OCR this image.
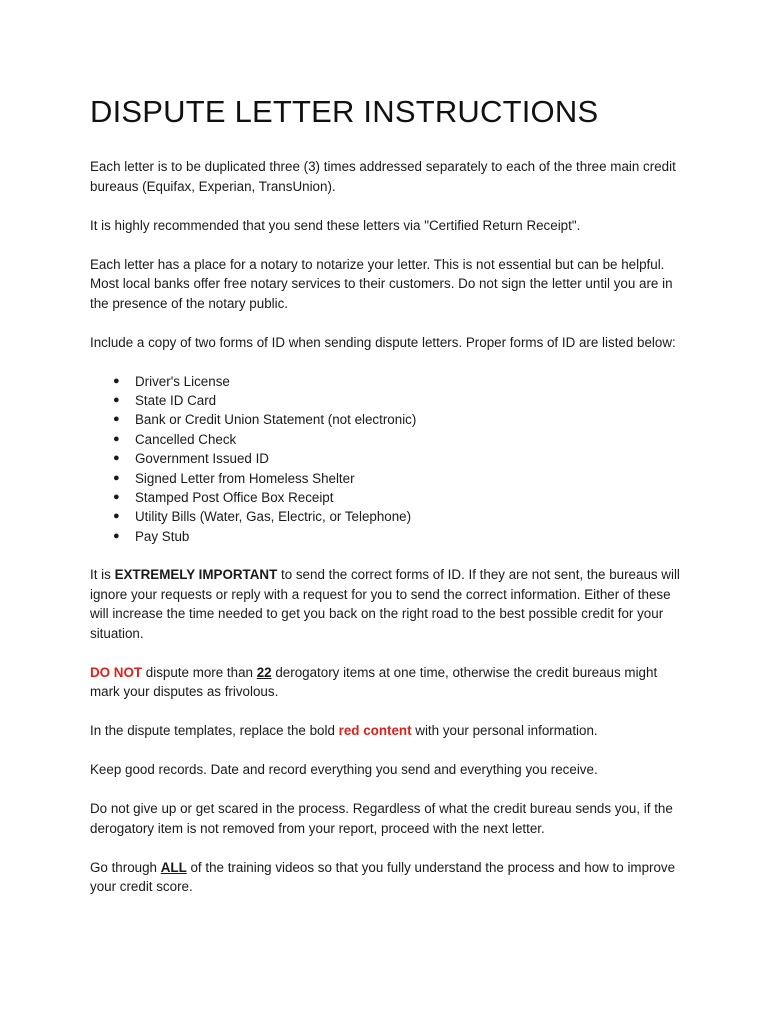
DISPUTE LETTER INSTRUCTIONS

Each letter is to be duplicated three (3) times addressed separately to each of the three main credit bureaus (Equifax, Experian, TransUnion).

It is highly recommended that you send these letters via "Certified Return Receipt".

Each letter has a place for a notary to notarize your letter. This is not essential but can be helpful. Most local banks offer free notary services to their customers. Do not sign the letter until you are in the presence of the notary public.

Include a copy of two forms of ID when sending dispute letters. Proper forms of ID are listed below:

● Driver's License
● State ID Card
● Bank or Credit Union Statement (not electronic)
● Cancelled Check
● Government Issued ID
● Signed Letter from Homeless Shelter
● Stamped Post Office Box Receipt
● Utility Bills (Water, Gas, Electric, or Telephone)
● Pay Stub

It is EXTREMELY IMPORTANT to send the correct forms of ID. If they are not sent, the bureaus will ignore your requests or reply with a request for you to send the correct information. Either of these will increase the time needed to get you back on the right road to the best possible credit for your situation.

DO NOT dispute more than 22 derogatory items at one time, otherwise the credit bureaus might mark your disputes as frivolous.

In the dispute templates, replace the bold red content with your personal information.

Keep good records. Date and record everything you send and everything you receive.

Do not give up or get scared in the process. Regardless of what the credit bureau sends you, if the derogatory item is not removed from your report, proceed with the next letter.

Go through ALL of the training videos so that you fully understand the process and how to improve your credit score.
